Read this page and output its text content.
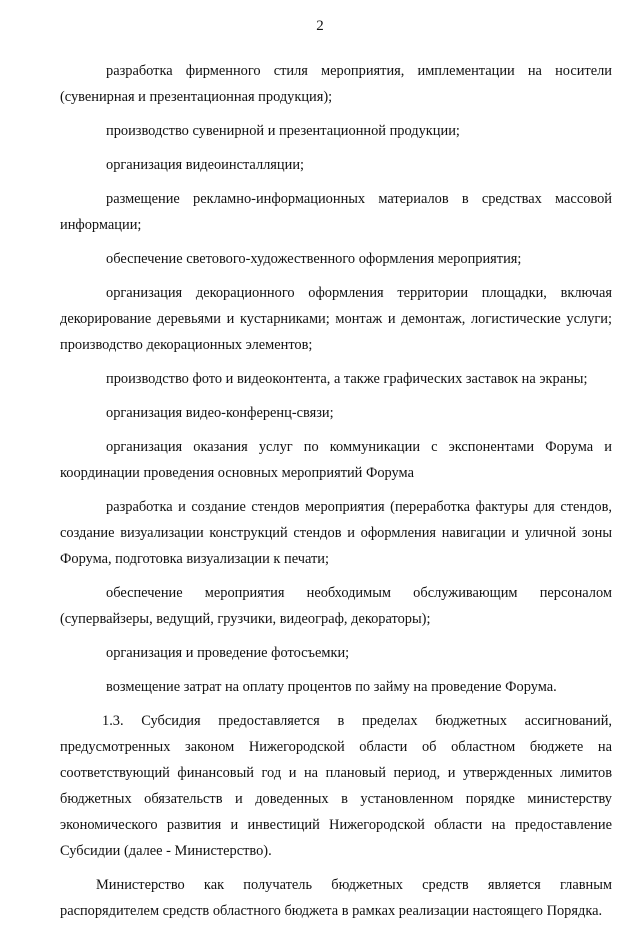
2

разработка фирменного стиля мероприятия, имплементации на носители (сувенирная и презентационная продукция);

производство сувенирной и презентационной продукции;

организация видеоинсталляции;

размещение рекламно-информационных материалов в средствах массовой информации;

обеспечение светового-художественного оформления мероприятия;

организация декорационного оформления территории площадки, включая декорирование деревьями и кустарниками; монтаж и демонтаж, логистические услуги; производство декорационных элементов;

производство фото и видеоконтента, а также графических заставок на экраны;

организация видео-конференц-связи;

организация оказания услуг по коммуникации с экспонентами Форума и координации проведения основных мероприятий Форума

разработка и создание стендов мероприятия (переработка фактуры для стендов, создание визуализации конструкций стендов и оформления навигации и уличной зоны Форума, подготовка визуализации к печати;

обеспечение мероприятия необходимым обслуживающим персоналом (супервайзеры, ведущий, грузчики, видеограф, декораторы);

организация и проведение фотосъемки;

возмещение затрат на оплату процентов по займу на проведение Форума.

1.3. Субсидия предоставляется в пределах бюджетных ассигнований, предусмотренных законом Нижегородской области об областном бюджете на соответствующий финансовый год и на плановый период, и утвержденных лимитов бюджетных обязательств и доведенных в установленном порядке министерству экономического развития и инвестиций Нижегородской области на предоставление Субсидии (далее - Министерство).

Министерство как получатель бюджетных средств является главным распорядителем средств областного бюджета в рамках реализации настоящего Порядка.
